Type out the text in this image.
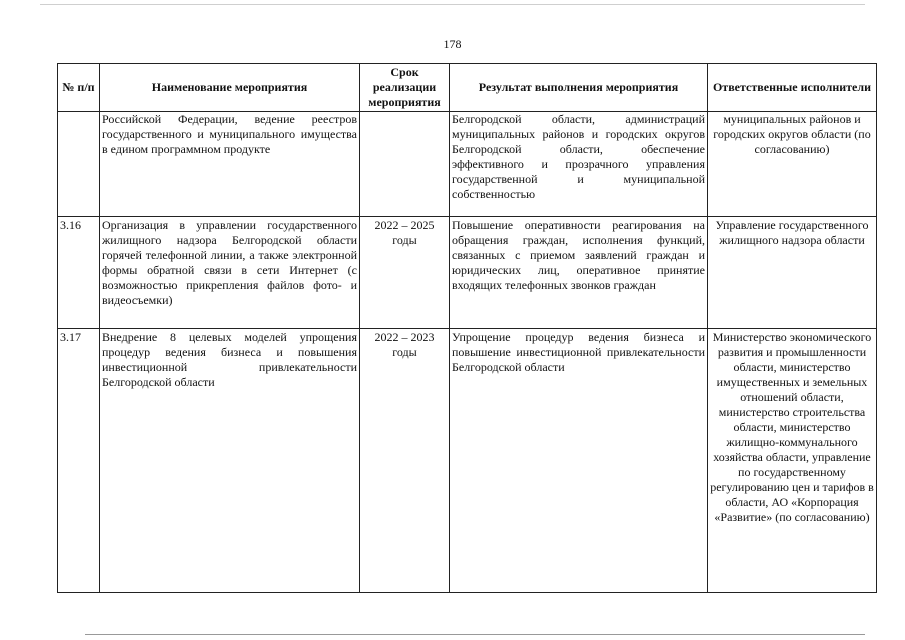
178
№ п/п	Наименование мероприятия	Срок реализации мероприятия	Результат выполнения мероприятия	Ответственные исполнители
	Российской Федерации, ведение реестров государственного и муниципального имущества в едином программном продукте		Белгородской области, администраций муниципальных районов и городских округов Белгородской области, обеспечение эффективного и прозрачного управления государственной и муниципальной собственностью	муниципальных районов и городских округов области (по согласованию)
3.16	Организация в управлении государственного жилищного надзора Белгородской области горячей телефонной линии, а также электронной формы обратной связи в сети Интернет (с возможностью прикрепления файлов фото- и видеосъемки)	2022 – 2025 годы	Повышение оперативности реагирования на обращения граждан, исполнения функций, связанных с приемом заявлений граждан и юридических лиц, оперативное принятие входящих телефонных звонков граждан	Управление государственного жилищного надзора области
3.17	Внедрение 8 целевых моделей упрощения процедур ведения бизнеса и повышения инвестиционной привлекательности Белгородской области	2022 – 2023 годы	Упрощение процедур ведения бизнеса и повышение инвестиционной привлекательности Белгородской области	Министерство экономического развития и промышленности области, министерство имущественных и земельных отношений области, министерство строительства области, министерство жилищно-коммунального хозяйства области, управление по государственному регулированию цен и тарифов в области, АО «Корпорация «Развитие» (по согласованию)
